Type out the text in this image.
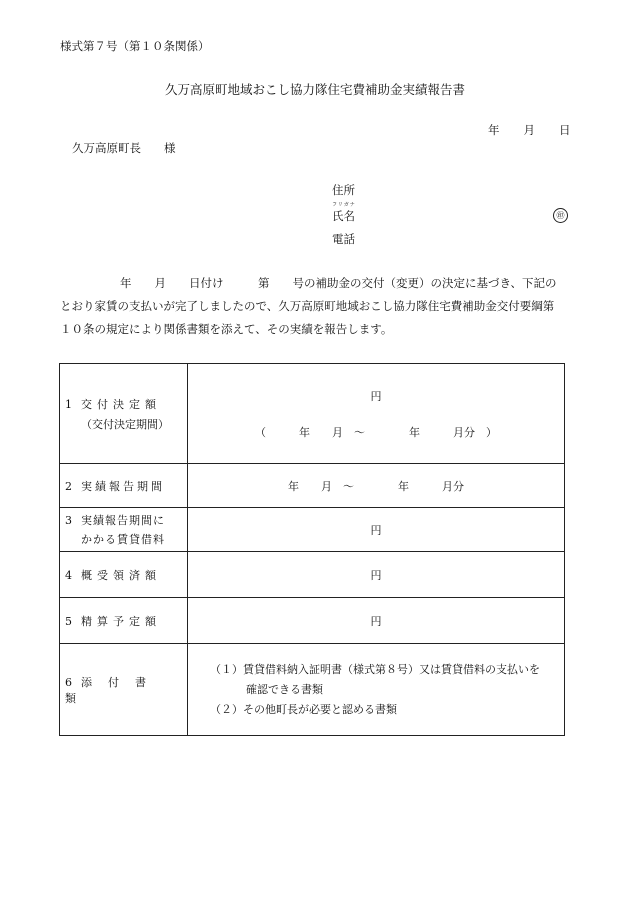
様式第７号（第１０条関係）
久万高原町地域おこし協力隊住宅費補助金実績報告書
年 月 日
久万高原町長　　様
住所
フリガナ
氏名	㊞
電話
年　　月　　日付け　　　第　　号の補助金の交付（変更）の決定に基づき、下記の
とおり家賃の支払いが完了しましたので、久万高原町地域おこし協力隊住宅費補助金交付要綱第
１０条の規定により関係書類を添えて、その実績を報告します。
1 交付決定額
（交付決定期間）	円
（　　　年　　月　〜　　　　年　　　月分　）

2 実績報告期間	年　　月　〜　　　　年　　　月分
3 実績報告期間に
かかる賃貸借料	円
4 概受領済額	円
5 精算予定額	円
6 添付書類	（１）賃貸借料納入証明書（様式第８号）又は賃貸借料の支払いを
確認できる書類
（２）その他町長が必要と認める書類
